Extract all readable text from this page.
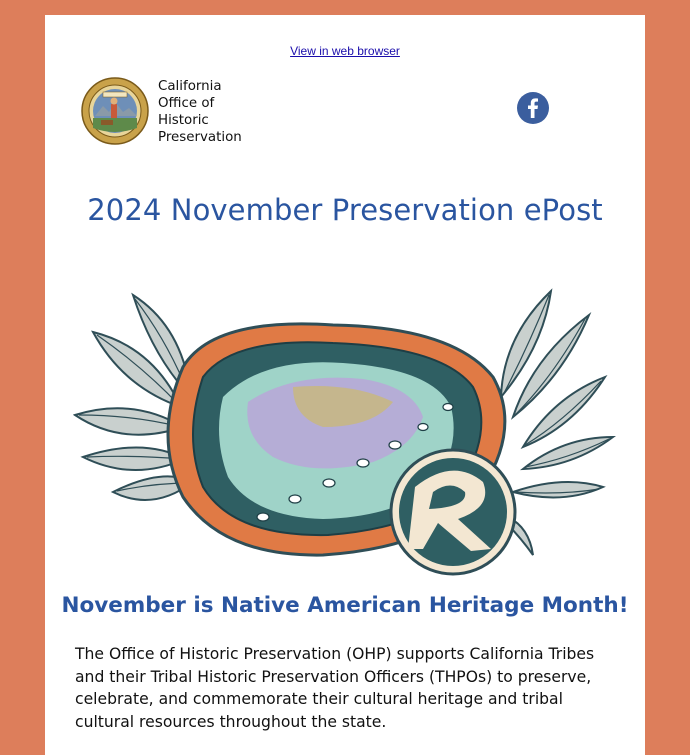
View in web browser
California
Office of
Historic
Preservation
2024 November Preservation ePost
November is Native American Heritage Month!
The Office of Historic Preservation (OHP) supports California Tribes and their Tribal Historic Preservation Officers (THPOs) to preserve, celebrate, and commemorate their cultural heritage and tribal cultural resources throughout the state.
